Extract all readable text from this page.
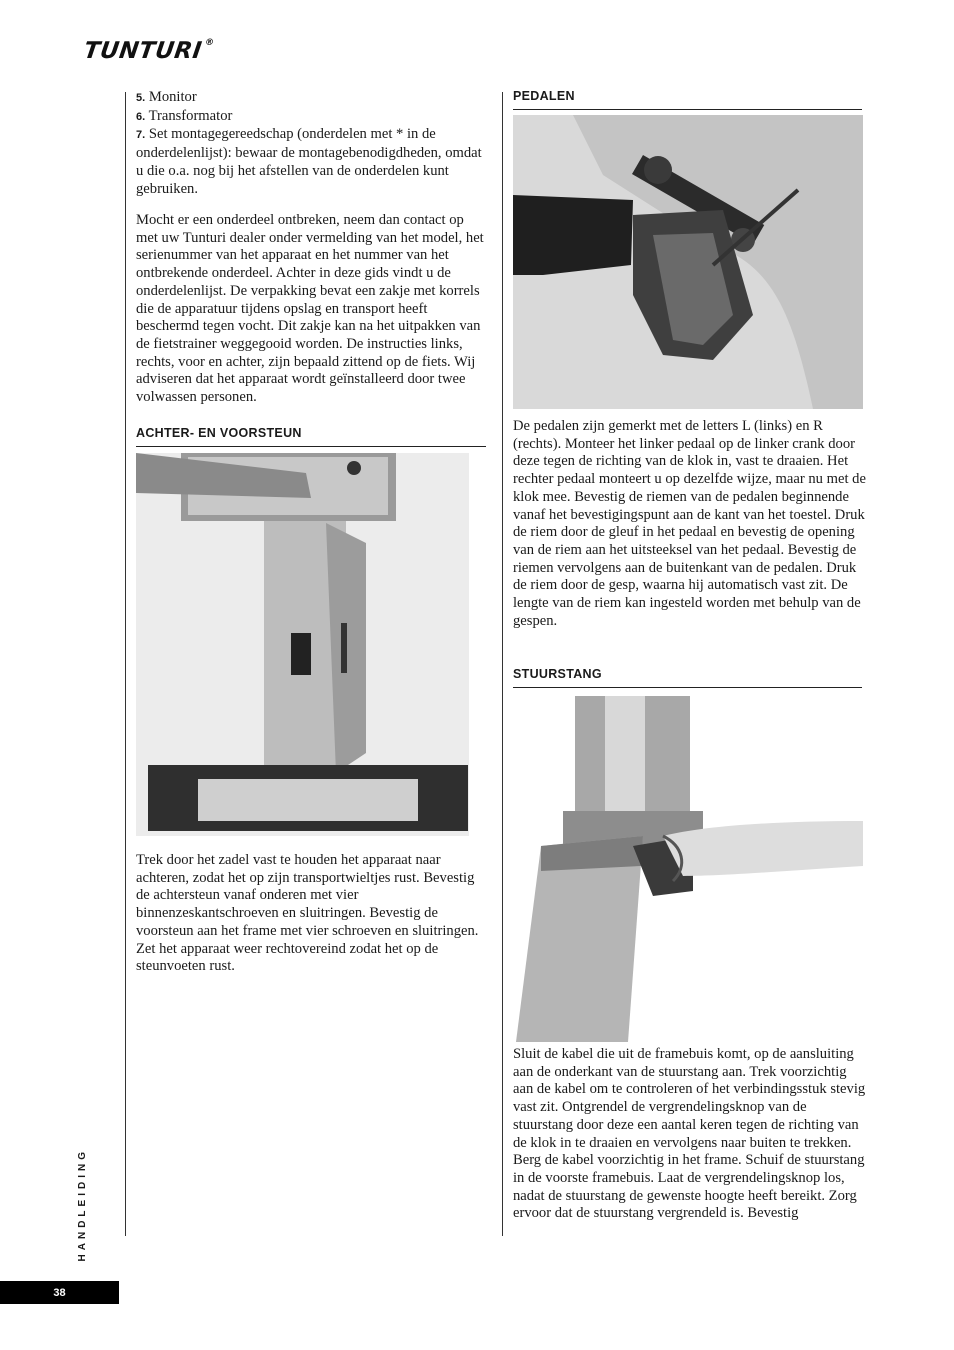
TUNTURI®

5. Monitor

6. Transformator

7. Set montagegereedschap (onderdelen met * in de onderdelenlijst): bewaar de montagebenodigdheden, omdat u die o.a. nog bij het afstellen van de onderdelen kunt gebruiken.

Mocht er een onderdeel ontbreken, neem dan contact op met uw Tunturi dealer onder vermelding van het model, het serienummer van het apparaat en het nummer van het ontbrekende onderdeel. Achter in deze gids vindt u de onderdelenlijst. De verpakking bevat een zakje met korrels die de apparatuur tijdens opslag en transport heeft beschermd tegen vocht. Dit zakje kan na het uitpakken van de fietstrainer weggegooid worden. De instructies links, rechts, voor en achter, zijn bepaald zittend op de fiets. Wij adviseren dat het apparaat wordt geïnstalleerd door twee volwassen personen.

ACHTER- EN VOORSTEUN

Trek door het zadel vast te houden het apparaat naar achteren, zodat het op zijn transportwieltjes rust. Bevestig de achtersteun vanaf onderen met vier binnenzeskantschroeven en sluitringen. Bevestig de voorsteun aan het frame met vier schroeven en sluitringen. Zet het apparaat weer rechtovereind zodat het op de steunvoeten rust.

PEDALEN

De pedalen zijn gemerkt met de letters L (links) en R (rechts). Monteer het linker pedaal op de linker crank door deze tegen de richting van de klok in, vast te draaien. Het rechter pedaal monteert u op dezelfde wijze, maar nu met de klok mee. Bevestig de riemen van de pedalen beginnende vanaf het bevestigingspunt aan de kant van het toestel. Druk de riem door de gleuf in het pedaal en bevestig de opening van de riem aan het uitsteeksel van het pedaal. Bevestig de riemen vervolgens aan de buitenkant van de pedalen. Druk de riem door de gesp, waarna hij automatisch vast zit. De lengte van de riem kan ingesteld worden met behulp van de gespen.

STUURSTANG

Sluit de kabel die uit de framebuis komt, op de aansluiting aan de onderkant van de stuurstang aan. Trek voorzichtig aan de kabel om te controleren of het verbindingsstuk stevig vast zit. Ontgrendel de vergrendelingsknop van de stuurstang door deze een aantal keren tegen de richting van de klok in te draaien en vervolgens naar buiten te trekken. Berg de kabel voorzichtig in het frame. Schuif de stuurstang in de voorste framebuis. Laat de vergrendelingsknop los, nadat de stuurstang de gewenste hoogte heeft bereikt. Zorg ervoor dat de stuurstang vergrendeld is. Bevestig

HANDLEIDING
38
